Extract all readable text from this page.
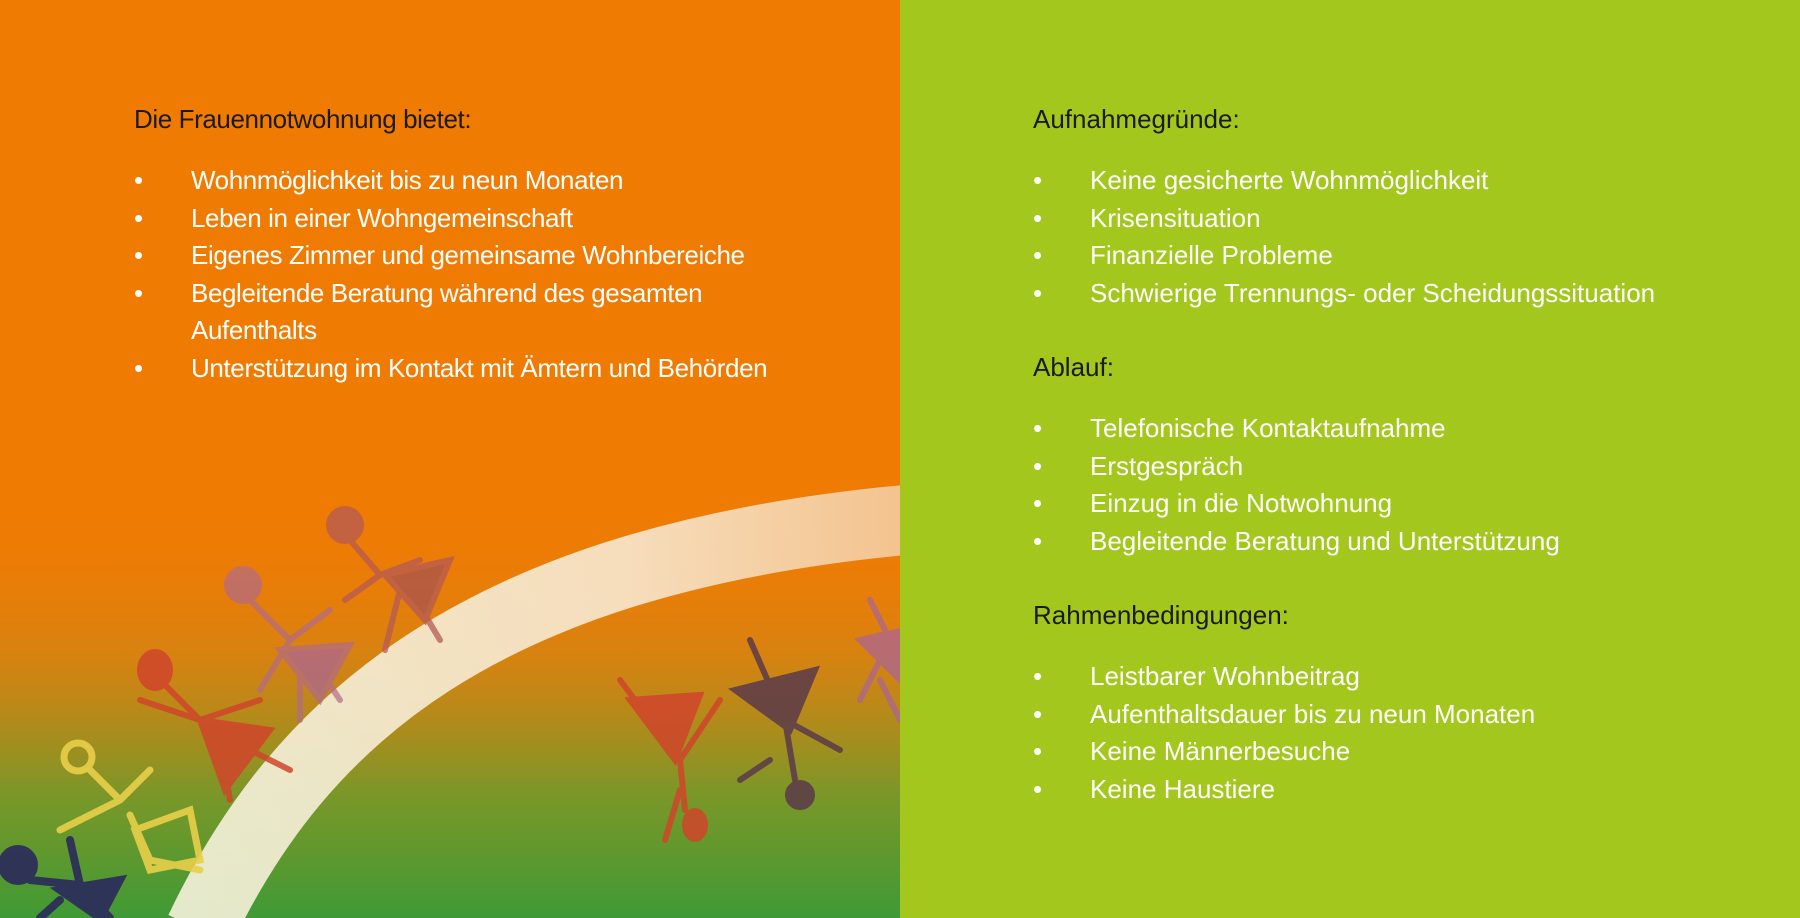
Die Frauennotwohnung bietet:
• Wohnmöglichkeit bis zu neun Monaten
• Leben in einer Wohngemeinschaft
• Eigenes Zimmer und gemeinsame Wohnbereiche
• Begleitende Beratung während des gesamten Aufenthalts
• Unterstützung im Kontakt mit Ämtern und Behörden
Aufnahmegründe:
• Keine gesicherte Wohnmöglichkeit
• Krisensituation
• Finanzielle Probleme
• Schwierige Trennungs- oder Scheidungssituation
Ablauf:
• Telefonische Kontaktaufnahme
• Erstgespräch
• Einzug in die Notwohnung
• Begleitende Beratung und Unterstützung
Rahmenbedingungen:
• Leistbarer Wohnbeitrag
• Aufenthaltsdauer bis zu neun Monaten
• Keine Männerbesuche
• Keine Haustiere
